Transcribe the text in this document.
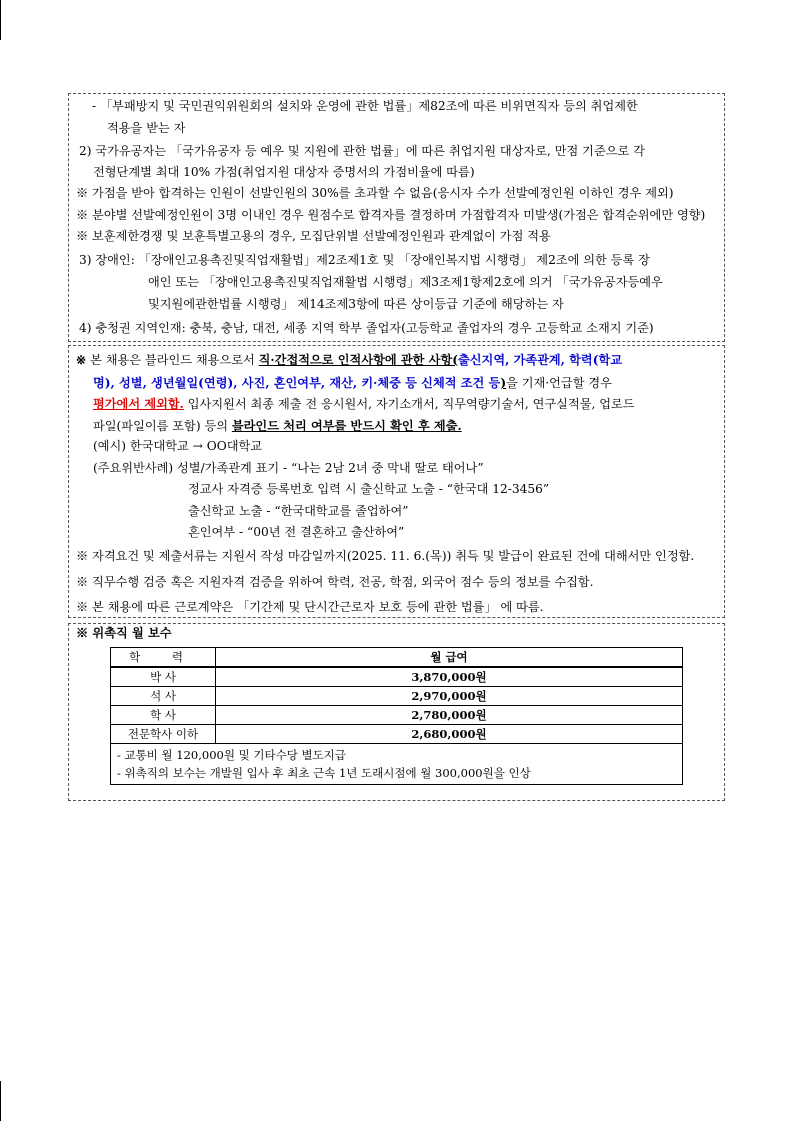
- 「부패방지 및 국민권익위원회의 설치와 운영에 관한 법률」제82조에 따른 비위면직자 등의 취업제한
적용을 받는 자
2) 국가유공자는 「국가유공자 등 예우 및 지원에 관한 법률」에 따른 취업지원 대상자로, 만점 기준으로 각
전형단계별 최대 10% 가점(취업지원 대상자 증명서의 가점비율에 따름)
※ 가점을 받아 합격하는 인원이 선발인원의 30%를 초과할 수 없음(응시자 수가 선발예정인원 이하인 경우 제외)
※ 분야별 선발예정인원이 3명 이내인 경우 원점수로 합격자를 결정하며 가점합격자 미발생(가점은 합격순위에만 영향)
※ 보훈제한경쟁 및 보훈특별고용의 경우, 모집단위별 선발예정인원과 관계없이 가점 적용
3) 장애인: 「장애인고용촉진및직업재활법」제2조제1호 및 「장애인복지법 시행령」 제2조에 의한 등록 장
애인 또는 「장애인고용촉진및직업재활법 시행령」제3조제1항제2호에 의거 「국가유공자등예우
및지원에관한법률 시행령」 제14조제3항에 따른 상이등급 기준에 해당하는 자
4) 충청권 지역인재: 충북, 충남, 대전, 세종 지역 학부 졸업자(고등학교 졸업자의 경우 고등학교 소재지 기준)
※ 본 채용은 블라인드 채용으로서 직·간접적으로 인적사항에 관한 사항(출신지역, 가족관계, 학력(학교
명), 성별, 생년월일(연령), 사진, 혼인여부, 재산, 키·체중 등 신체적 조건 등)을 기재·언급할 경우
평가에서 제외함. 입사지원서 최종 제출 전 응시원서, 자기소개서, 직무역량기술서, 연구실적물, 업로드
파일(파일이름 포함) 등의 블라인드 처리 여부를 반드시 확인 후 제출.
(예시) 한국대학교 → OO대학교
(주요위반사례) 성별/가족관계 표기 - “나는 2남 2녀 중 막내 딸로 태어나”
정교사 자격증 등록번호 입력 시 출신학교 노출 - “한국대 12-3456”
출신학교 노출 - “한국대학교를 졸업하여”
혼인여부 - “00년 전 결혼하고 출산하여”
※ 자격요건 및 제출서류는 지원서 작성 마감일까지(2025. 11. 6.(목)) 취득 및 발급이 완료된 건에 대해서만 인정함.
※ 직무수행 검증 혹은 지원자격 검증을 위하여 학력, 전공, 학점, 외국어 점수 등의 정보를 수집함.
※ 본 채용에 따른 근로계약은 「기간제 및 단시간근로자 보호 등에 관한 법률」 에 따름.
※ 위촉직 월 보수
학 력	월 급여
박 사	3,870,000원
석 사	2,970,000원
학 사	2,780,000원
전문학사 이하	2,680,000원

- 교통비 월 120,000원 및 기타수당 별도지급
- 위촉직의 보수는 개발원 입사 후 최초 근속 1년 도래시점에 월 300,000원을 인상	
